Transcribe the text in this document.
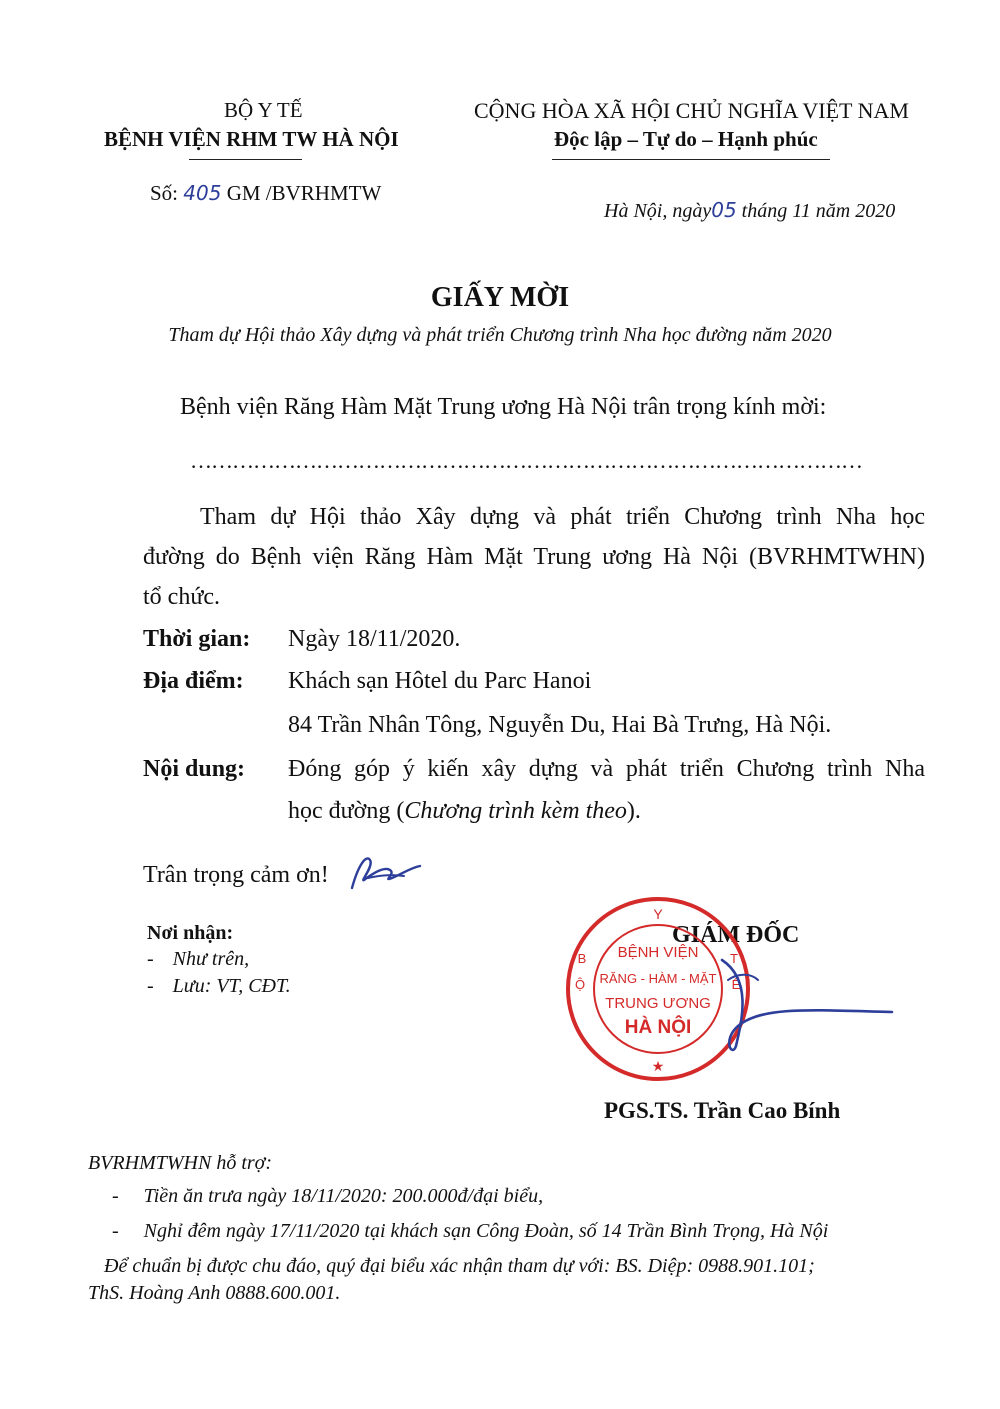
BỘ Y TẾ
BỆNH VIỆN RHM TW HÀ NỘI
Số: 405 GM /BVRHMTW
CỘNG HÒA XÃ HỘI CHỦ NGHĨA VIỆT NAM
Độc lập – Tự do – Hạnh phúc
Hà Nội, ngày05 tháng 11 năm 2020
GIẤY MỜI
Tham dự Hội thảo Xây dựng và phát triển Chương trình Nha học đường năm 2020
Bệnh viện Răng Hàm Mặt Trung ương Hà Nội trân trọng kính mời:
……………………………………………………………………………………
Tham dự Hội thảo Xây dựng và phát triển Chương trình Nha học
đường do Bệnh viện Răng Hàm Mặt Trung ương Hà Nội (BVRHMTWHN)
tổ chức.
Thời gian: Ngày 18/11/2020.
Địa điểm: Khách sạn Hôtel du Parc Hanoi
84 Trần Nhân Tông, Nguyễn Du, Hai Bà Trưng, Hà Nội.
Nội dung: Đóng góp ý kiến xây dựng và phát triển Chương trình Nha
học đường (Chương trình kèm theo).
Trân trọng cảm ơn!
Nơi nhận:
- Như trên,
- Lưu: VT, CĐT.
GIÁM ĐỐC
Y
B
Ộ
T
Ế
BỆNH VIỆN
RĂNG - HÀM - MẶT
TRUNG ƯƠNG
HÀ NỘI
★
PGS.TS. Trần Cao Bính
BVRHMTWHN hỗ trợ:
- Tiền ăn trưa ngày 18/11/2020: 200.000đ/đại biểu,
- Nghỉ đêm ngày 17/11/2020 tại khách sạn Công Đoàn, số 14 Trần Bình Trọng, Hà Nội
Để chuẩn bị được chu đáo, quý đại biểu xác nhận tham dự với: BS. Diệp: 0988.901.101;
ThS. Hoàng Anh 0888.600.001.
